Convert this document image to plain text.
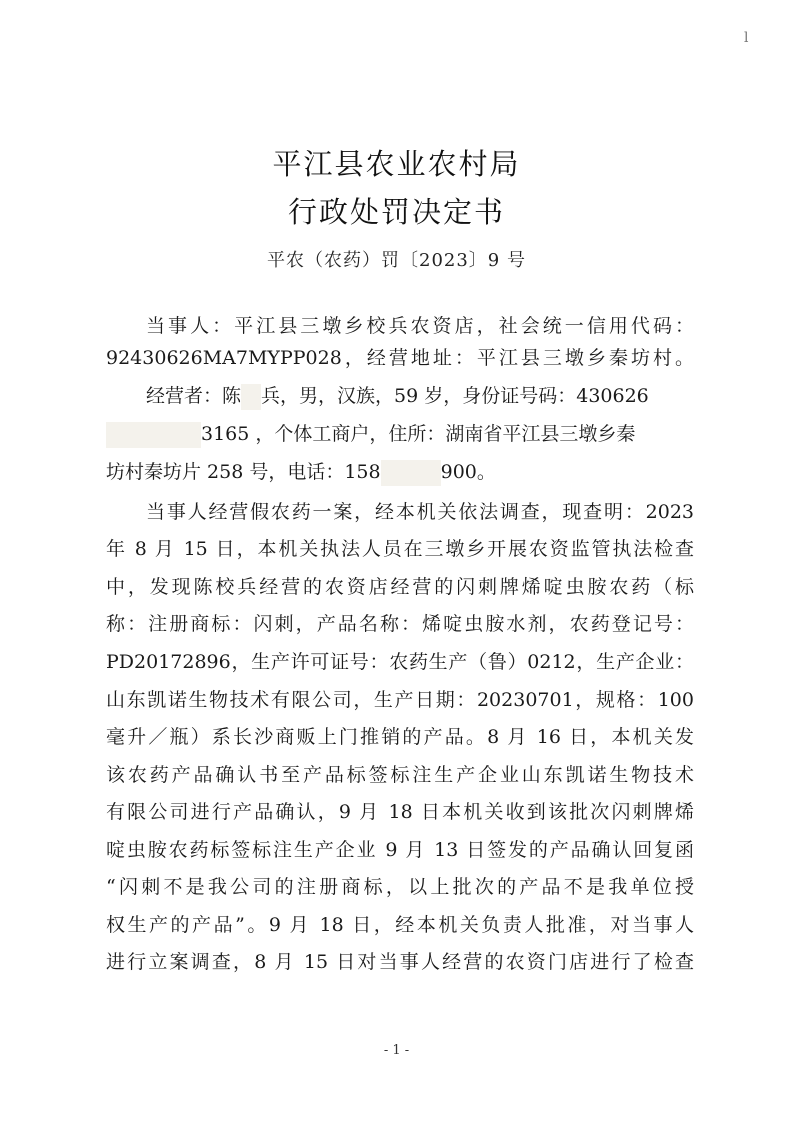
l
平江县农业农村局
行政处罚决定书
平农（农药）罚〔2023〕9 号
当事人：平江县三墩乡校兵农资店，社会统一信用代码：
92430626MA7MYPP028，经营地址：平江县三墩乡秦坊村。
经营者：陈 兵，男，汉族，59 岁，身份证号码：430626
3165 ，个体工商户，住所：湖南省平江县三墩乡秦
坊村秦坊片 258 号，电话：158	900。
当事人经营假农药一案，经本机关依法调查，现查明：2023
年 8 月 15 日，本机关执法人员在三墩乡开展农资监管执法检查
中，发现陈校兵经营的农资店经营的闪刺牌烯啶虫胺农药（标
称：注册商标：闪刺，产品名称：烯啶虫胺水剂，农药登记号：
PD20172896，生产许可证号：农药生产（鲁）0212，生产企业：
山东凯诺生物技术有限公司，生产日期：20230701，规格：100
毫升／瓶）系长沙商贩上门推销的产品。8 月 16 日，本机关发
该农药产品确认书至产品标签标注生产企业山东凯诺生物技术
有限公司进行产品确认，9 月 18 日本机关收到该批次闪刺牌烯
啶虫胺农药标签标注生产企业 9 月 13 日签发的产品确认回复函
“闪刺不是我公司的注册商标，以上批次的产品不是我单位授
权生产的产品”。9 月 18 日，经本机关负责人批准，对当事人
进行立案调查，8 月 15 日对当事人经营的农资门店进行了检查
- 1 -
